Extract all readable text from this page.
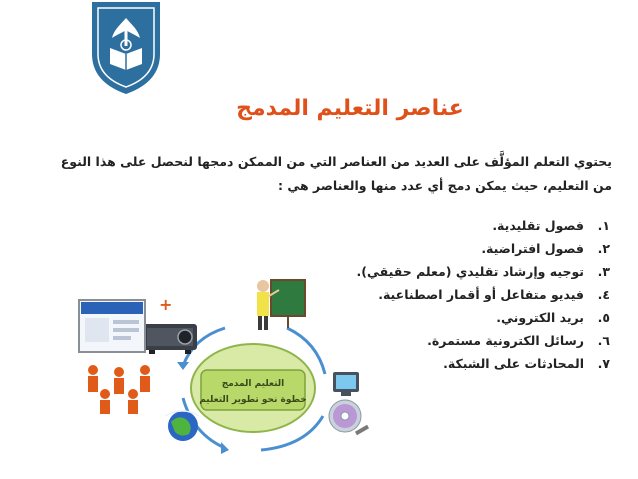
عناصر التعليم المدمج
يحتوي التعلم المؤلَّف على العديد من العناصر التي من الممكن دمجها لنحصل على هذا النوع من التعليم، حيث يمكن دمج أي عدد منها والعناصر هي :
١.
فصول تقليدية.
٢.
فصول افتراضية.
٣.
توجيه وإرشاد تقليدي (معلم حقيقي).
٤.
فيديو متفاعل أو أقمار اصطناعية.
٥.
بريد الكتروني.
٦.
رسائل الكترونية مستمرة.
٧.
المحادثات على الشبكة.
التعليم المدمج
خطوة نحو تطوير التعليم
+
